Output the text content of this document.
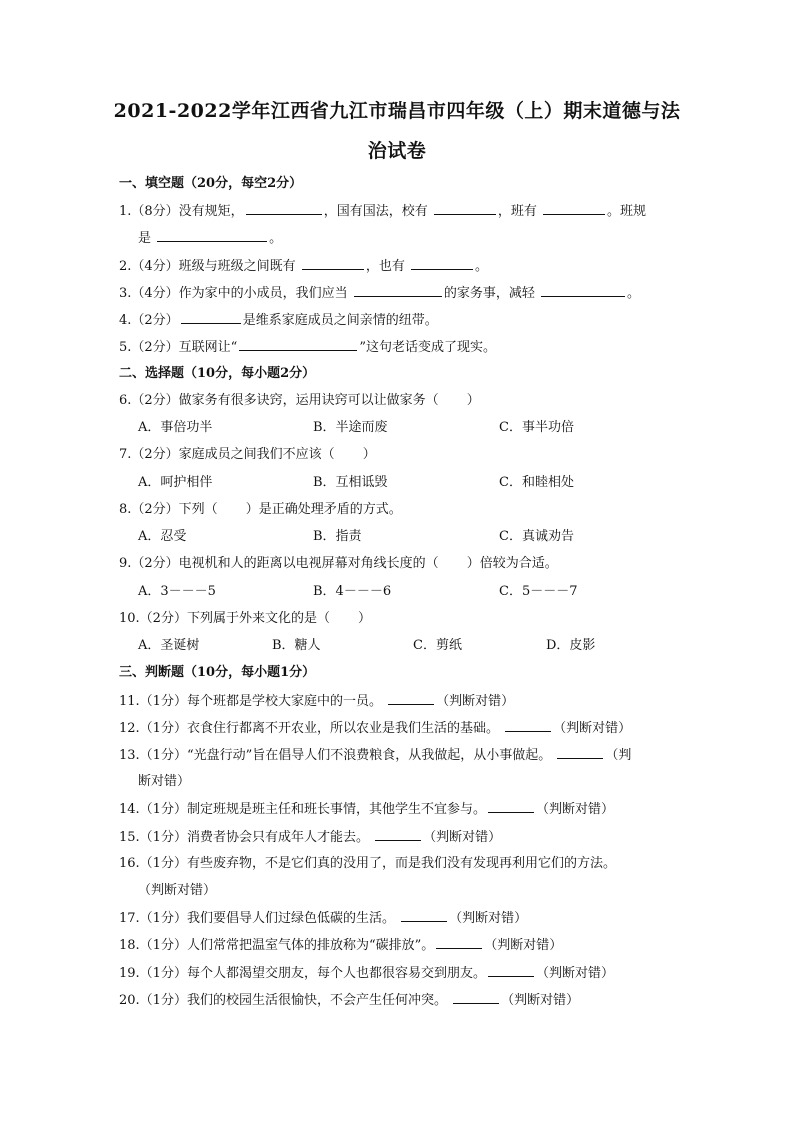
2021-2022学年江西省九江市瑞昌市四年级（上）期末道德与法
治试卷
一、填空题（20分，每空2分）
1.（8分）没有规矩，	，国有国法，校有	，班有	。班规
是	。
2.（4分）班级与班级之间既有	，也有	。
3.（4分）作为家中的小成员，我们应当	的家务事，减轻	。
4.（2分）	是维系家庭成员之间亲情的纽带。
5.（2分）互联网让“	”这句老话变成了现实。
二、选择题（10分，每小题2分）
6.（2分）做家务有很多诀窍，运用诀窍可以让做家务（ ）
A．事倍功半	B．半途而废	C．事半功倍
7.（2分）家庭成员之间我们不应该（ ）
A．呵护相伴	B．互相诋毁	C．和睦相处
8.（2分）下列（ ）是正确处理矛盾的方式。
A．忍受	B．指责	C．真诚劝告
9.（2分）电视机和人的距离以电视屏幕对角线长度的（ ）倍较为合适。
A．3－－－5	B．4－－－6	C．5－－－7
10.（2分）下列属于外来文化的是（ ）
A．圣诞树	B．糖人	C．剪纸	D．皮影
三、判断题（10分，每小题1分）
11.（1分）每个班都是学校大家庭中的一员。	（判断对错）
12.（1分）衣食住行都离不开农业，所以农业是我们生活的基础。	（判断对错）
13.（1分）“光盘行动”旨在倡导人们不浪费粮食，从我做起，从小事做起。	（判
断对错）
14.（1分）制定班规是班主任和班长事情，其他学生不宜参与。	（判断对错）
15.（1分）消费者协会只有成年人才能去。	（判断对错）
16.（1分）有些废弃物，不是它们真的没用了，而是我们没有发现再利用它们的方法。
（判断对错）
17.（1分）我们要倡导人们过绿色低碳的生活。	（判断对错）
18.（1分）人们常常把温室气体的排放称为“碳排放”。	（判断对错）
19.（1分）每个人都渴望交朋友，每个人也都很容易交到朋友。	（判断对错）
20.（1分）我们的校园生活很愉快，不会产生任何冲突。	（判断对错）
